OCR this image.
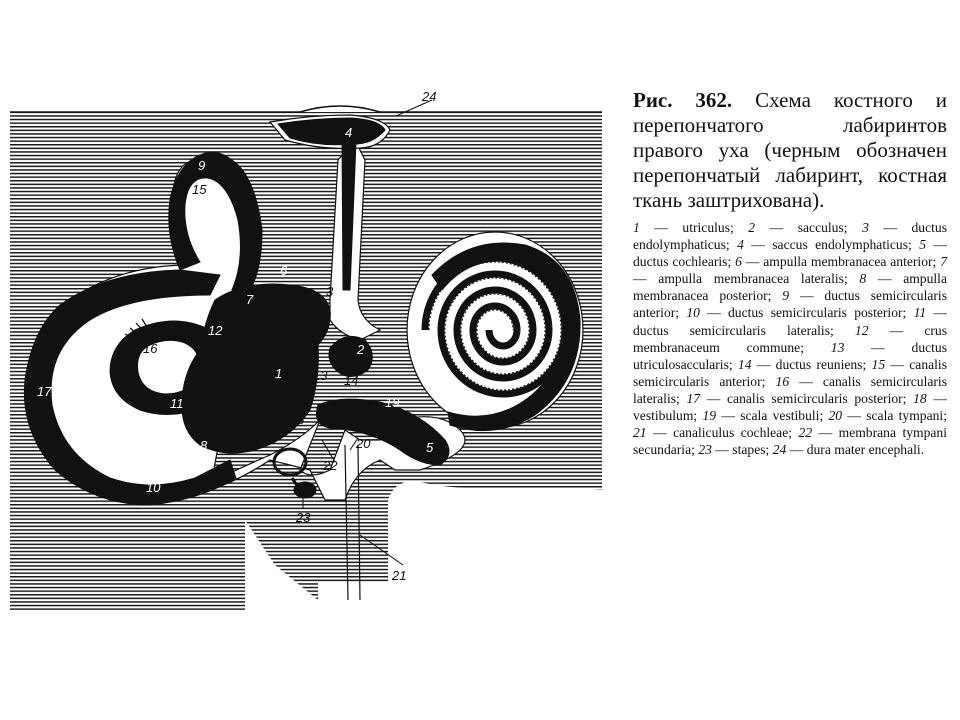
24
4
9
15
6
3
7
12
2
16
1 13 14
17
19
11
18
5
20
8
22
10
23
21

Рис. 362. Схема костного и перепончатого лабиринтов правого уха (черным обозначен перепончатый лабиринт, костная ткань заштрихована).

1 — utriculus; 2 — sacculus; 3 — ductus endolymphaticus; 4 — saccus endolymphaticus; 5 — ductus cochlearis; 6 — ampulla membranacea anterior; 7 — ampulla membranacea lateralis; 8 — ampulla membranacea posterior; 9 — ductus semicircularis anterior; 10 — ductus semicircularis posterior; 11 — ductus semicircularis lateralis; 12 — crus membranaceum commune; 13 — ductus utriculosaccularis; 14 — ductus reuniens; 15 — canalis semicircularis anterior; 16 — canalis semicircularis lateralis; 17 — canalis semicircularis posterior; 18 — vestibulum; 19 — scala vestibuli; 20 — scala tympani; 21 — canaliculus cochleae; 22 — membrana tympani secundaria; 23 — stapes; 24 — dura mater encephali.
